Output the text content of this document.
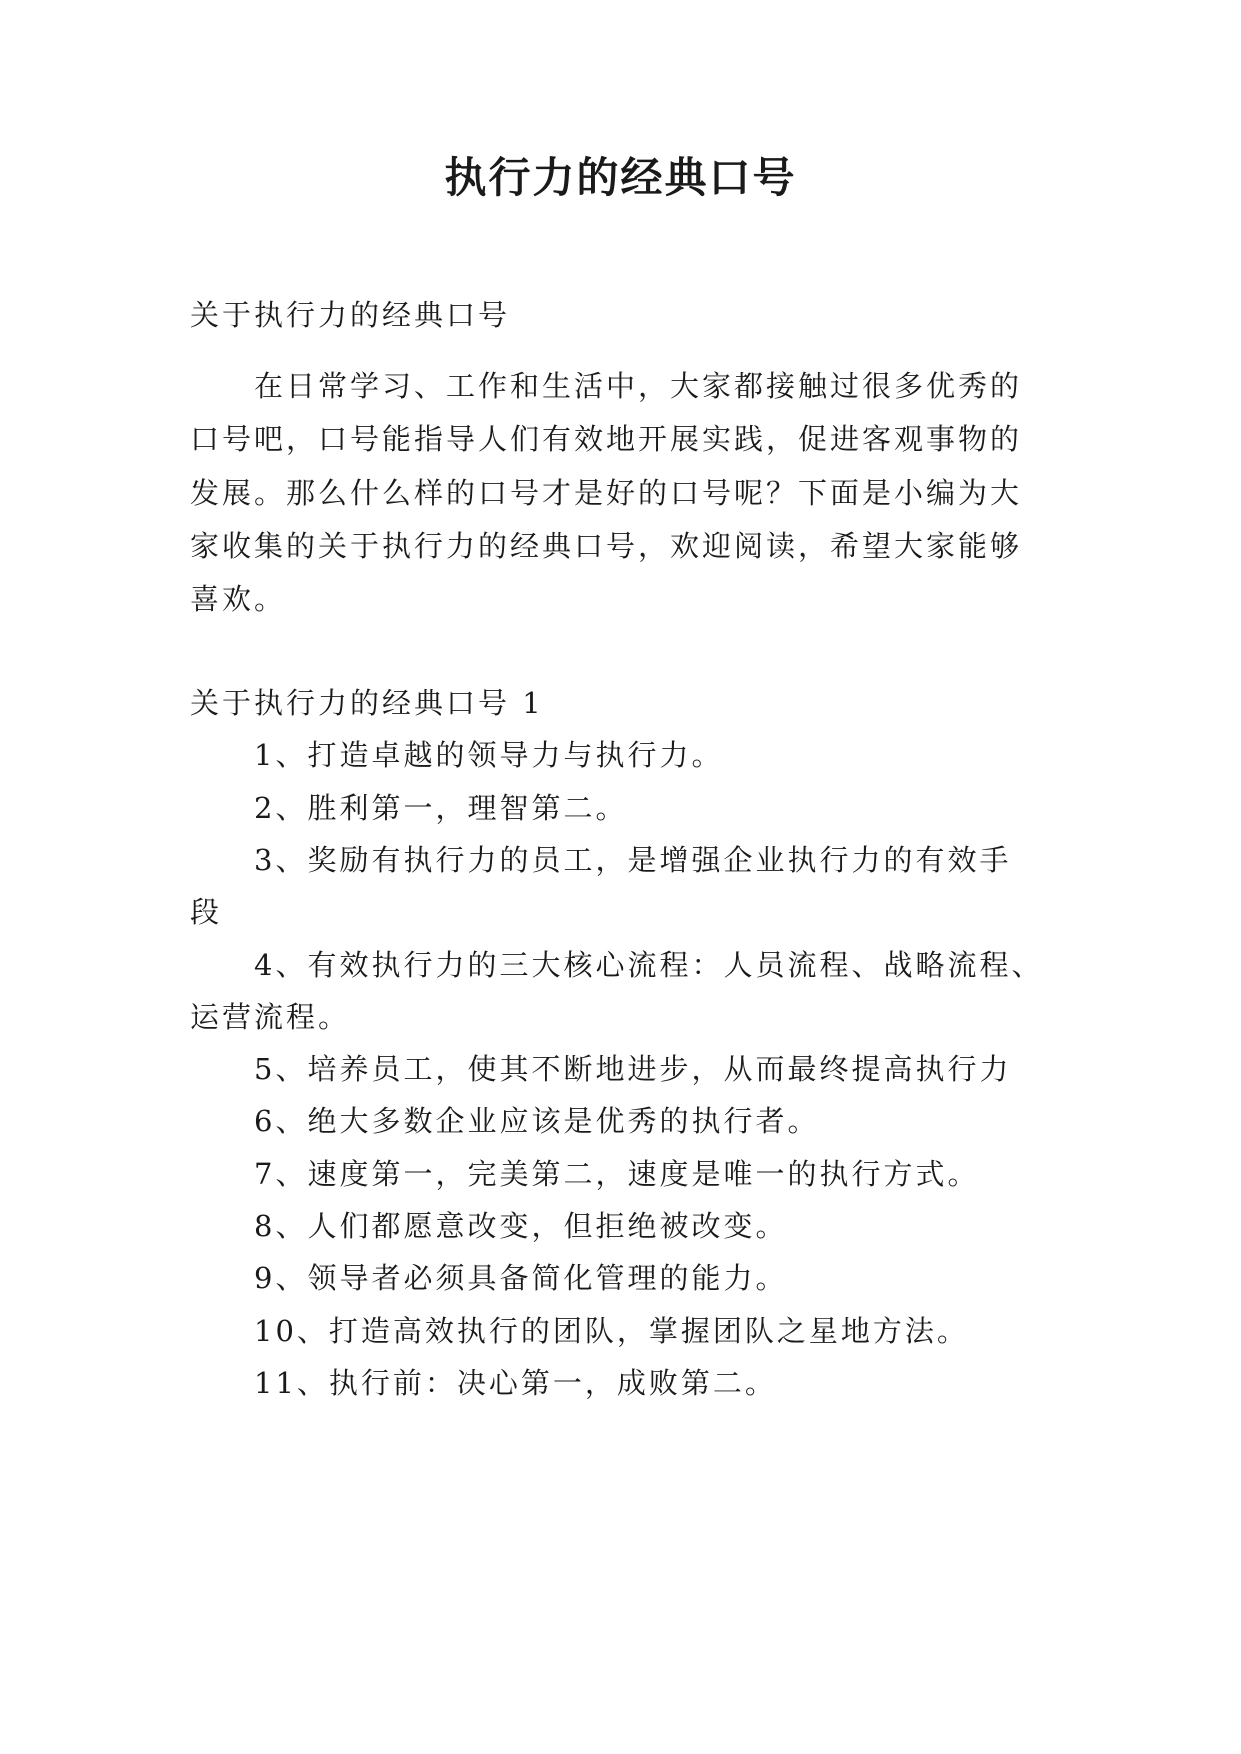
执行力的经典口号
关于执行力的经典口号
在日常学习、工作和生活中，大家都接触过很多优秀的
口号吧，口号能指导人们有效地开展实践，促进客观事物的
发展。那么什么样的口号才是好的口号呢？下面是小编为大
家收集的关于执行力的经典口号，欢迎阅读，希望大家能够
喜欢。
关于执行力的经典口号 1
1、打造卓越的领导力与执行力。
2、胜利第一，理智第二。
3、奖励有执行力的员工，是增强企业执行力的有效手
段
4、有效执行力的三大核心流程：人员流程、战略流程、
运营流程。
5、培养员工，使其不断地进步，从而最终提高执行力
6、绝大多数企业应该是优秀的执行者。
7、速度第一，完美第二，速度是唯一的执行方式。
8、人们都愿意改变，但拒绝被改变。
9、领导者必须具备简化管理的能力。
10、打造高效执行的团队，掌握团队之星地方法。
11、执行前：决心第一，成败第二。
